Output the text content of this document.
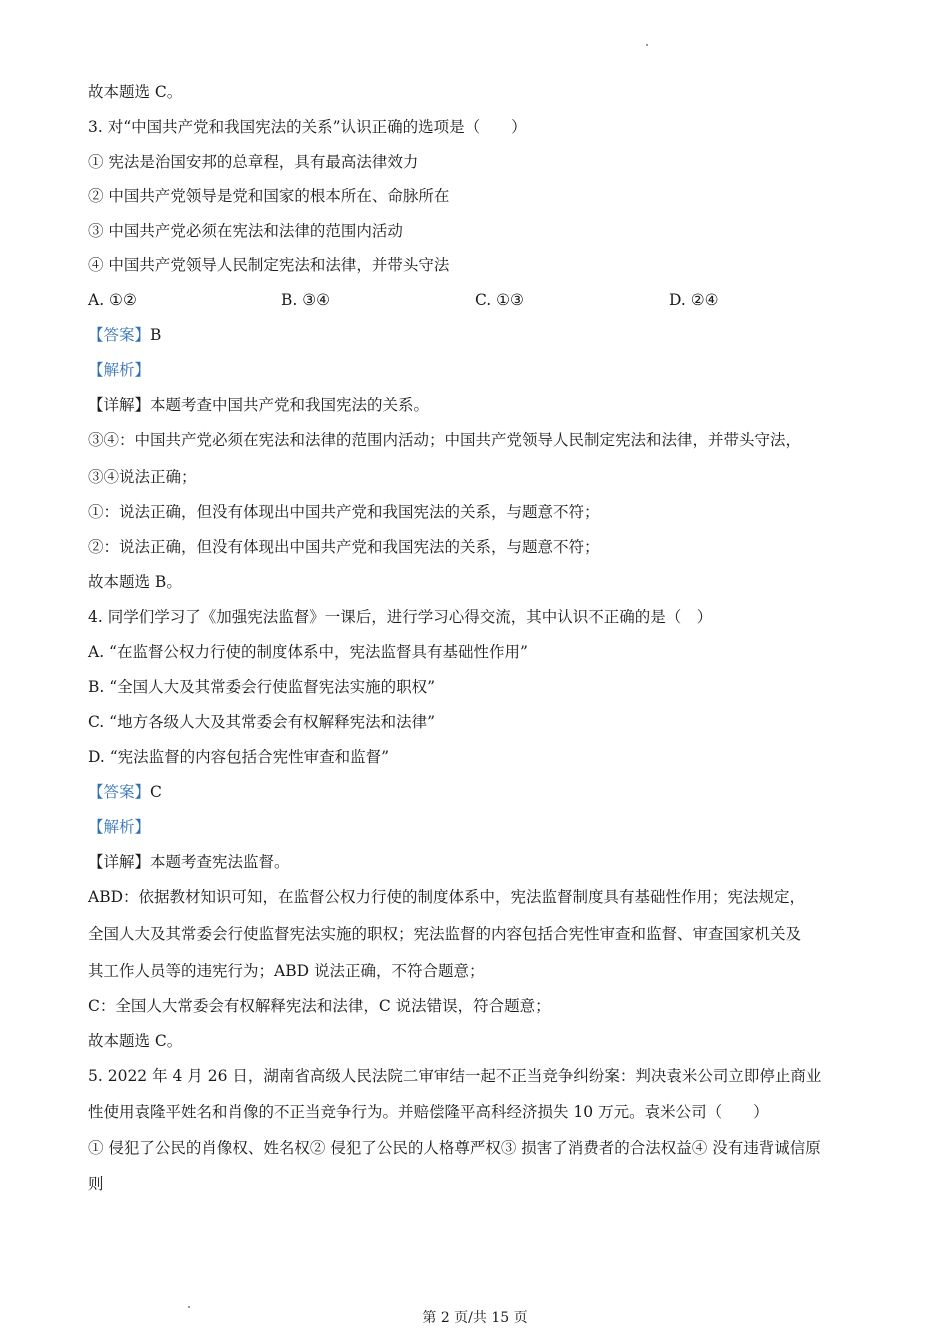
故本题选 C。
3. 对“中国共产党和我国宪法的关系”认识正确的选项是（　　）
① 宪法是治国安邦的总章程，具有最高法律效力
② 中国共产党领导是党和国家的根本所在、命脉所在
③ 中国共产党必须在宪法和法律的范围内活动
④ 中国共产党领导人民制定宪法和法律，并带头守法
A. ①②	B. ③④	C. ①③	D. ②④
【答案】B
【解析】
【详解】本题考查中国共产党和我国宪法的关系。
③④：中国共产党必须在宪法和法律的范围内活动；中国共产党领导人民制定宪法和法律，并带头守法，
③④说法正确；
①：说法正确，但没有体现出中国共产党和我国宪法的关系，与题意不符；
②：说法正确，但没有体现出中国共产党和我国宪法的关系，与题意不符；
故本题选 B。
4. 同学们学习了《加强宪法监督》一课后，进行学习心得交流，其中认识不正确的是（　）
A. “在监督公权力行使的制度体系中，宪法监督具有基础性作用”
B. “全国人大及其常委会行使监督宪法实施的职权”
C. “地方各级人大及其常委会有权解释宪法和法律”
D. “宪法监督的内容包括合宪性审查和监督”
【答案】C
【解析】
【详解】本题考查宪法监督。
ABD：依据教材知识可知，在监督公权力行使的制度体系中，宪法监督制度具有基础性作用；宪法规定，
全国人大及其常委会行使监督宪法实施的职权；宪法监督的内容包括合宪性审查和监督、审查国家机关及
其工作人员等的违宪行为；ABD 说法正确，不符合题意；
C：全国人大常委会有权解释宪法和法律，C 说法错误，符合题意；
故本题选 C。
5. 2022 年 4 月 26 日，湖南省高级人民法院二审审结一起不正当竞争纠纷案：判决袁米公司立即停止商业
性使用袁隆平姓名和肖像的不正当竞争行为。并赔偿隆平高科经济损失 10 万元。袁米公司（　　）
① 侵犯了公民的肖像权、姓名权② 侵犯了公民的人格尊严权③ 损害了消费者的合法权益④ 没有违背诚信原
则
第 2 页/共 15 页
